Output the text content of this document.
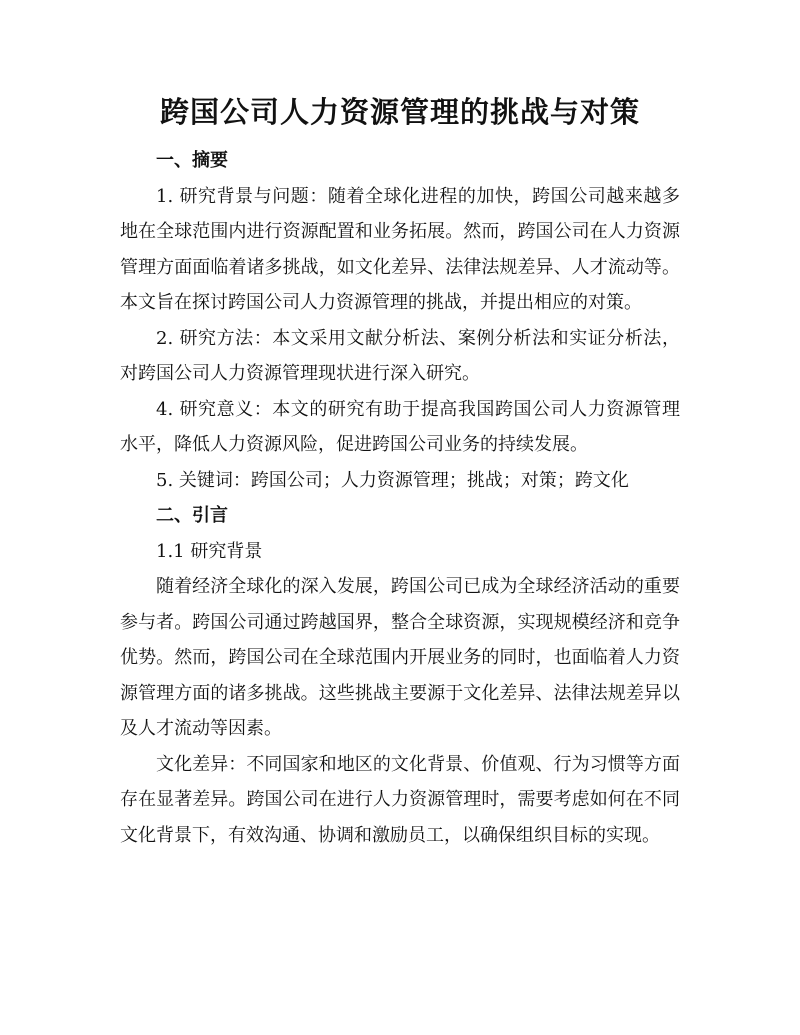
跨国公司人力资源管理的挑战与对策

一、摘要

1. 研究背景与问题：随着全球化进程的加快，跨国公司越来越多地在全球范围内进行资源配置和业务拓展。然而，跨国公司在人力资源管理方面面临着诸多挑战，如文化差异、法律法规差异、人才流动等。本文旨在探讨跨国公司人力资源管理的挑战，并提出相应的对策。

2. 研究方法：本文采用文献分析法、案例分析法和实证分析法，对跨国公司人力资源管理现状进行深入研究。

4. 研究意义：本文的研究有助于提高我国跨国公司人力资源管理水平，降低人力资源风险，促进跨国公司业务的持续发展。

5. 关键词：跨国公司；人力资源管理；挑战；对策；跨文化

二、引言

1.1 研究背景

随着经济全球化的深入发展，跨国公司已成为全球经济活动的重要参与者。跨国公司通过跨越国界，整合全球资源，实现规模经济和竞争优势。然而，跨国公司在全球范围内开展业务的同时，也面临着人力资源管理方面的诸多挑战。这些挑战主要源于文化差异、法律法规差异以及人才流动等因素。

文化差异：不同国家和地区的文化背景、价值观、行为习惯等方面存在显著差异。跨国公司在进行人力资源管理时，需要考虑如何在不同文化背景下，有效沟通、协调和激励员工，以确保组织目标的实现。
